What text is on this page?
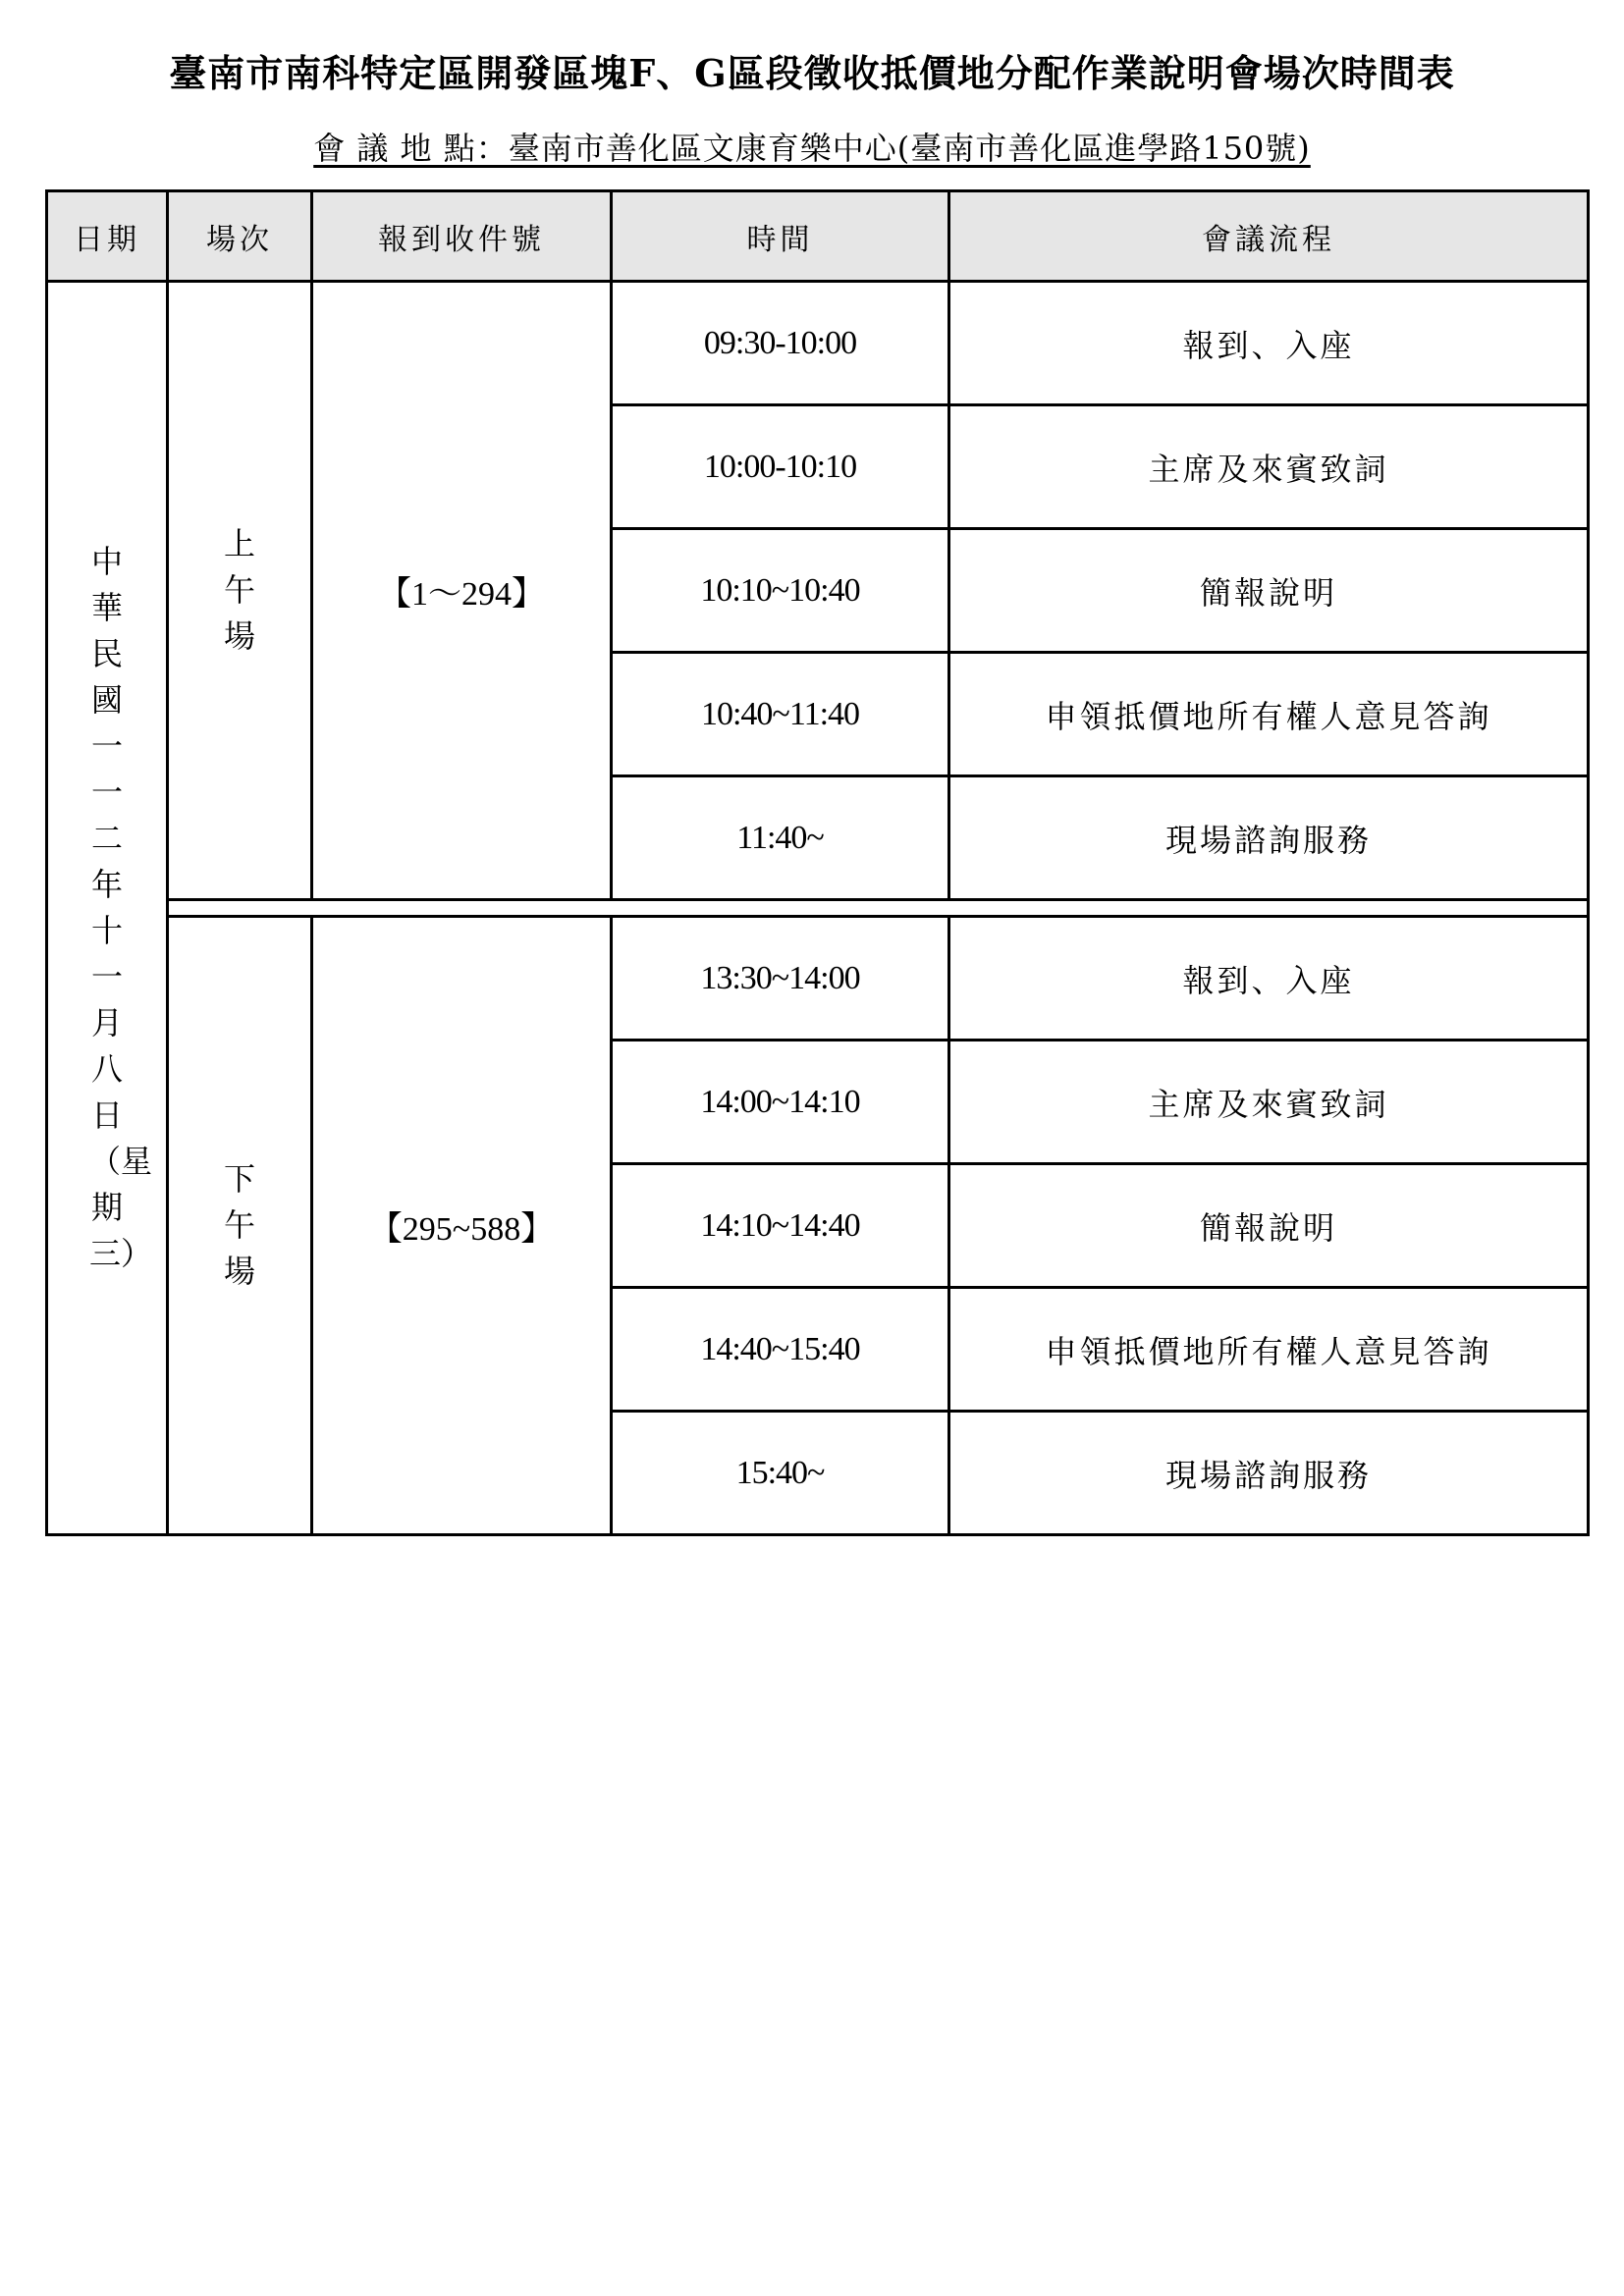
臺南市南科特定區開發區塊F、G區段徵收抵價地分配作業說明會場次時間表
會 議 地 點：臺南市善化區文康育樂中心(臺南市善化區進學路150號)
日期	場次	報到收件號	時間	會議流程
中華民國一一二年十一月八日（星期三）	上午場	【1～294】	09:30-10:00	報到、入座
			10:00-10:10	主席及來賓致詞
			10:10~10:40	簡報說明
			10:40~11:40	申領抵價地所有權人意見答詢
			11:40~	現場諮詢服務

	下午場	【295~588】	13:30~14:00	報到、入座
			14:00~14:10	主席及來賓致詞
			14:10~14:40	簡報說明
			14:40~15:40	申領抵價地所有權人意見答詢
			15:40~	現場諮詢服務
